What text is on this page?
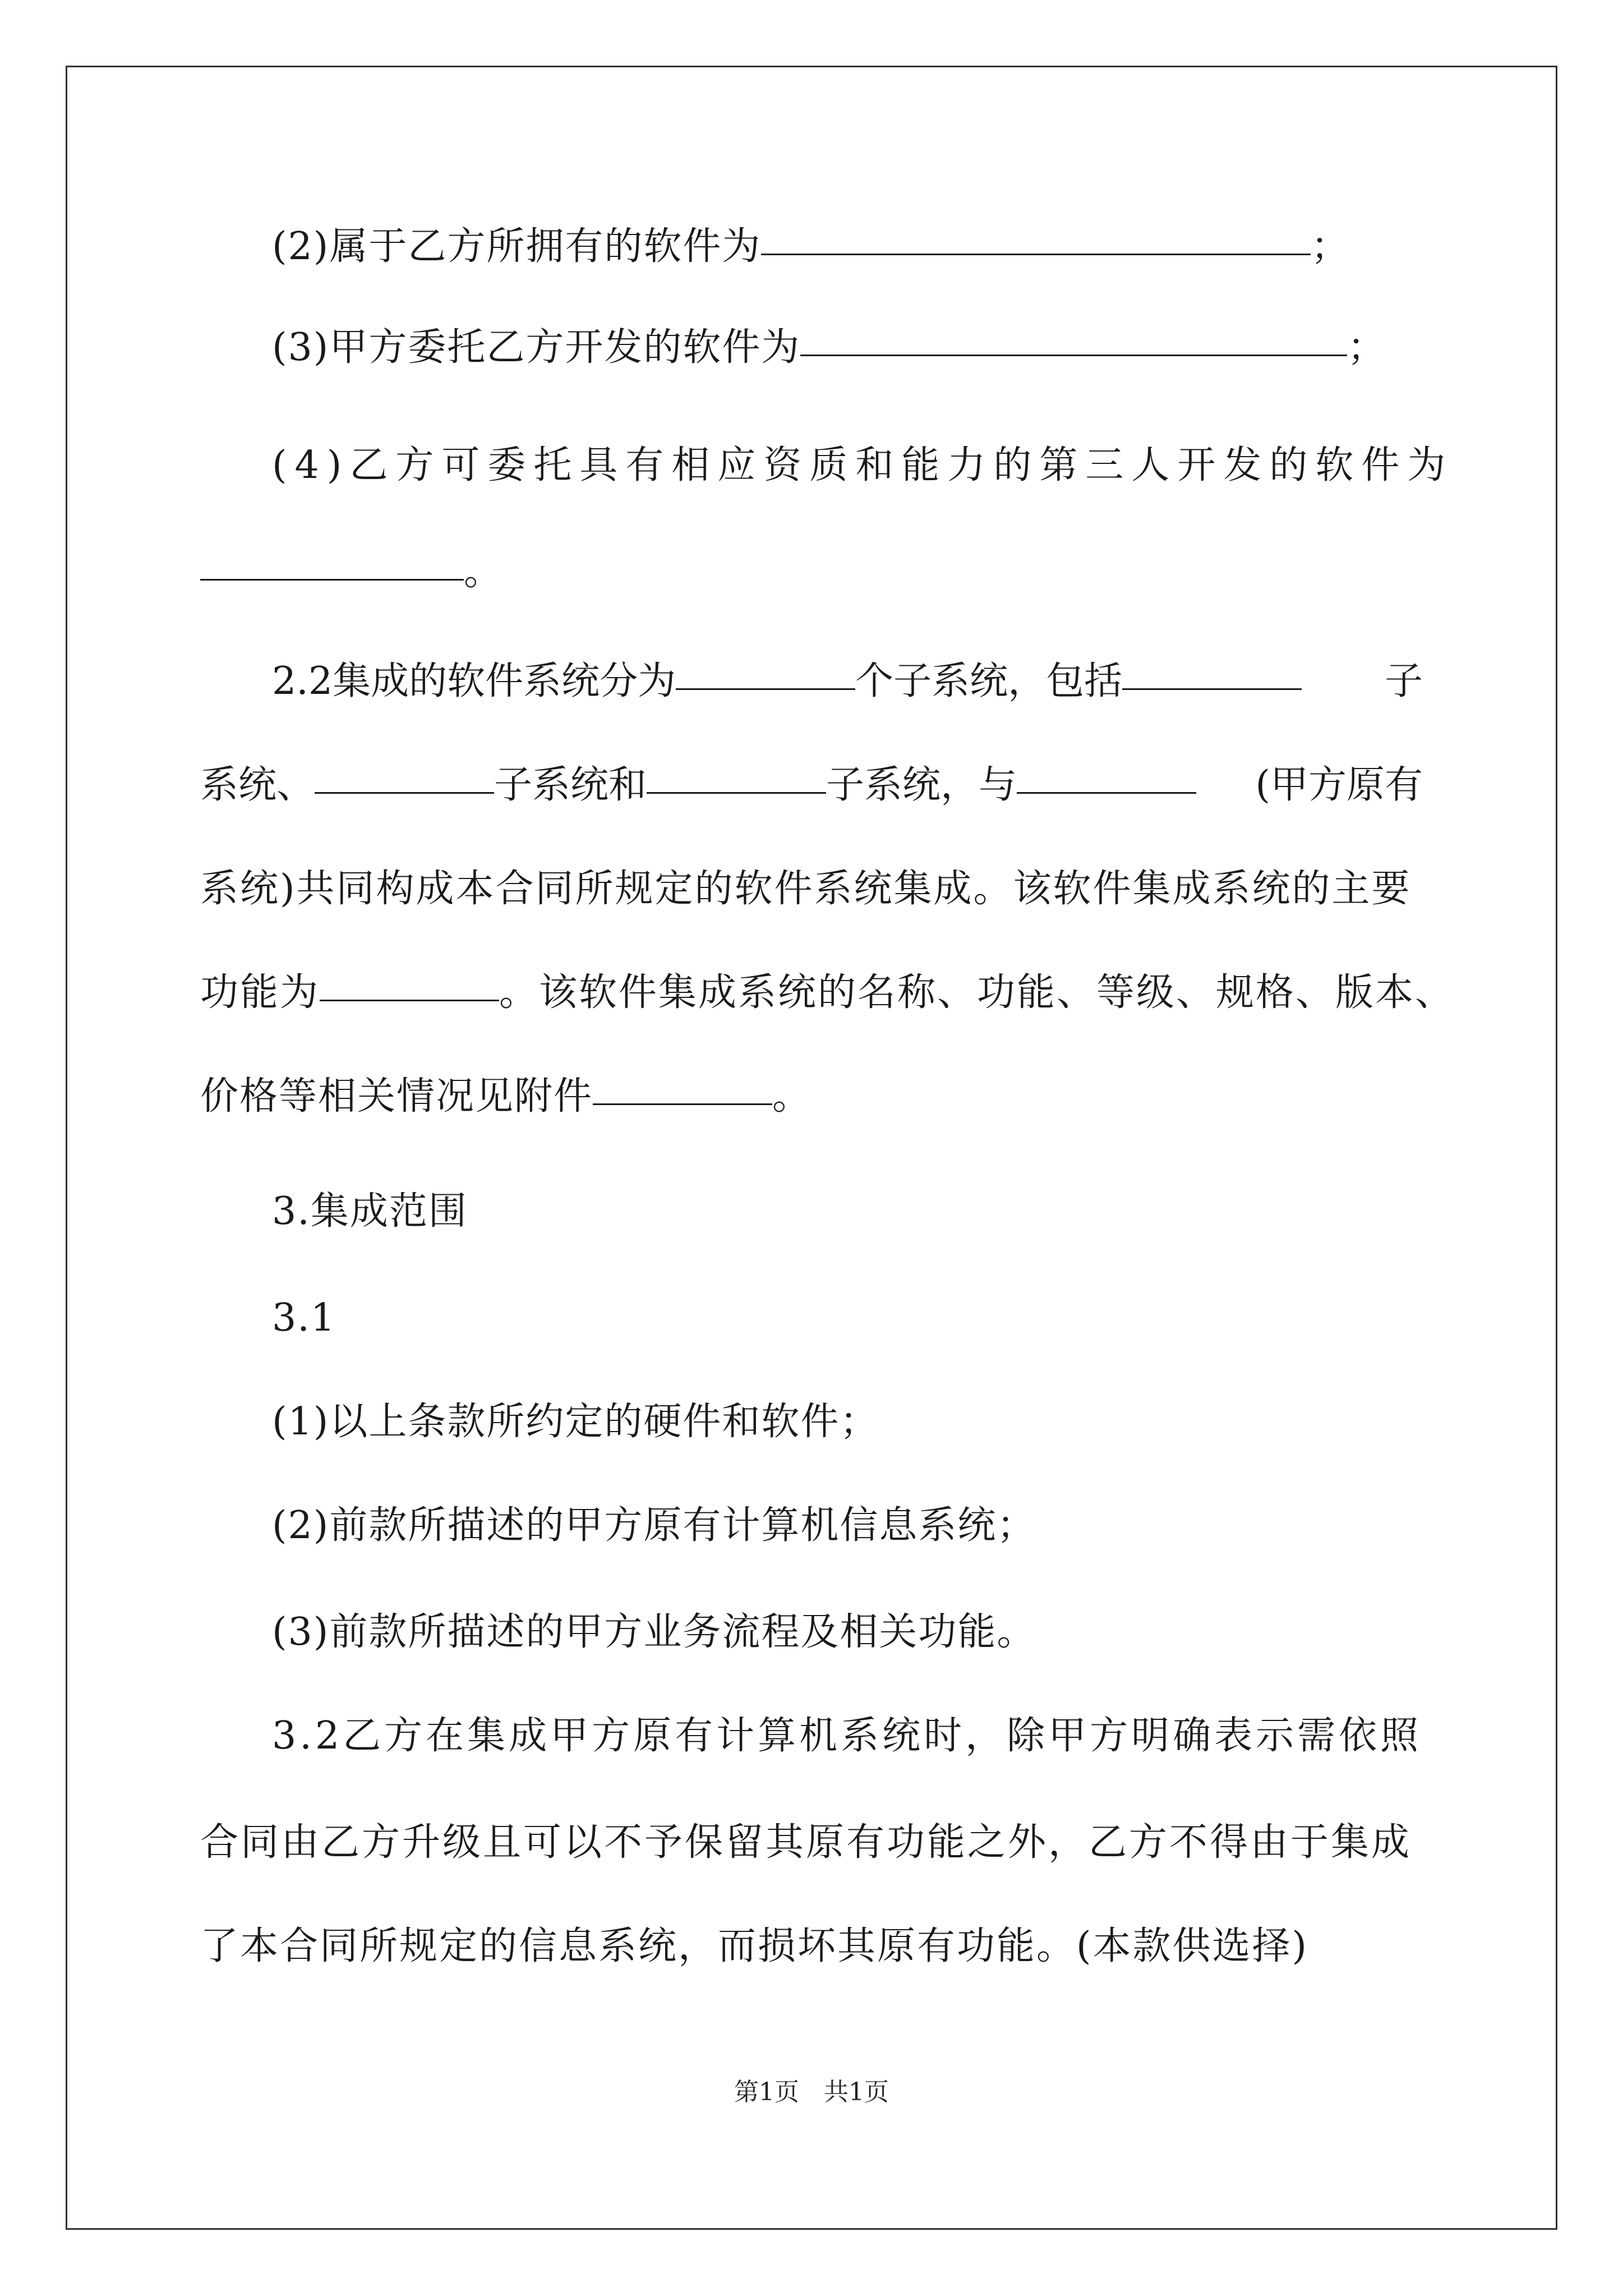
(2)属于乙方所拥有的软件为	；
(3)甲方委托乙方开发的软件为	；
(4)乙方可委托具有相应资质和能力的第三人开发的软件为
。
2.2集成的软件系统分为	个子系统，包括	子
系统、	子系统和	子系统，与	(甲方原有
系统)共同构成本合同所规定的软件系统集成。该软件集成系统的主要
功能为	。该软件集成系统的名称、功能、等级、规格、版本、
价格等相关情况见附件	。
3.集成范围
3.1
(1)以上条款所约定的硬件和软件；
(2)前款所描述的甲方原有计算机信息系统；
(3)前款所描述的甲方业务流程及相关功能。
3.2乙方在集成甲方原有计算机系统时，除甲方明确表示需依照
合同由乙方升级且可以不予保留其原有功能之外，乙方不得由于集成
了本合同所规定的信息系统，而损坏其原有功能。(本款供选择)
第1页　共1页
